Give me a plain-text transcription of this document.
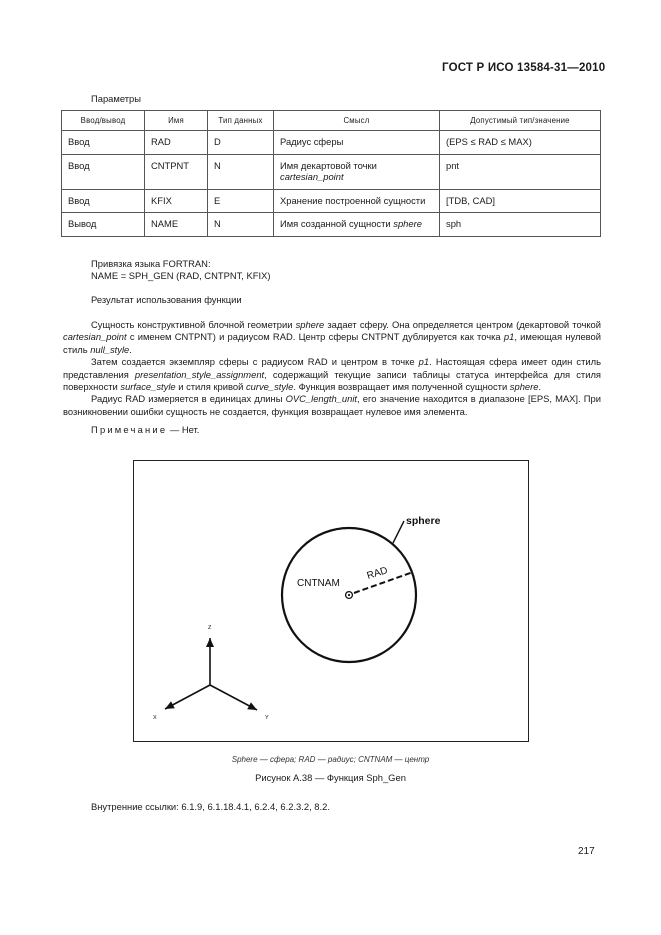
ГОСТ Р ИСО 13584-31—2010
Параметры
Ввод/вывод	Имя	Тип данных	Смысл	Допустимый тип/значение
Ввод	RAD	D	Радиус сферы	(EPS ≤ RAD ≤ MAX)
Ввод	CNTPNT	N	Имя декартовой точки cartesian_point	pnt
Ввод	KFIX	E	Хранение построенной сущности	[TDB, CAD]
Вывод	NAME	N	Имя созданной сущности sphere	sph
Привязка языка FORTRAN:
NAME = SPH_GEN (RAD, CNTPNT, KFIX)
Результат использования функции

Сущность конструктивной блочной геометрии sphere задает сферу. Она определяется центром (декартовой точкой cartesian_point с именем CNTPNT) и радиусом RAD. Центр сферы CNTPNT дублируется как точка p1, имеющая нулевой стиль null_style.

Затем создается экземпляр сферы с радиусом RAD и центром в точке p1. Настоящая сфера имеет один стиль представления presentation_style_assignment, содержащий текущие записи таблицы статуса интерфейса для стиля поверхности surface_style и стиля кривой curve_style. Функция возвращает имя полученной сущности sphere.

Радиус RAD измеряется в единицах длины OVC_length_unit, его значение находится в диапазоне [EPS, MAX]. При возникновении ошибки сущность не создается, функция возвращает нулевое имя элемента.

Примечание — Нет.
sphere
CNTNAM
RAD
Z
X	Y
Sphere — сфера; RAD — радиус; CNTNAM — центр
Рисунок А.38 — Функция Sph_Gen
Внутренние ссылки: 6.1.9, 6.1.18.4.1, 6.2.4, 6.2.3.2, 8.2.
217
